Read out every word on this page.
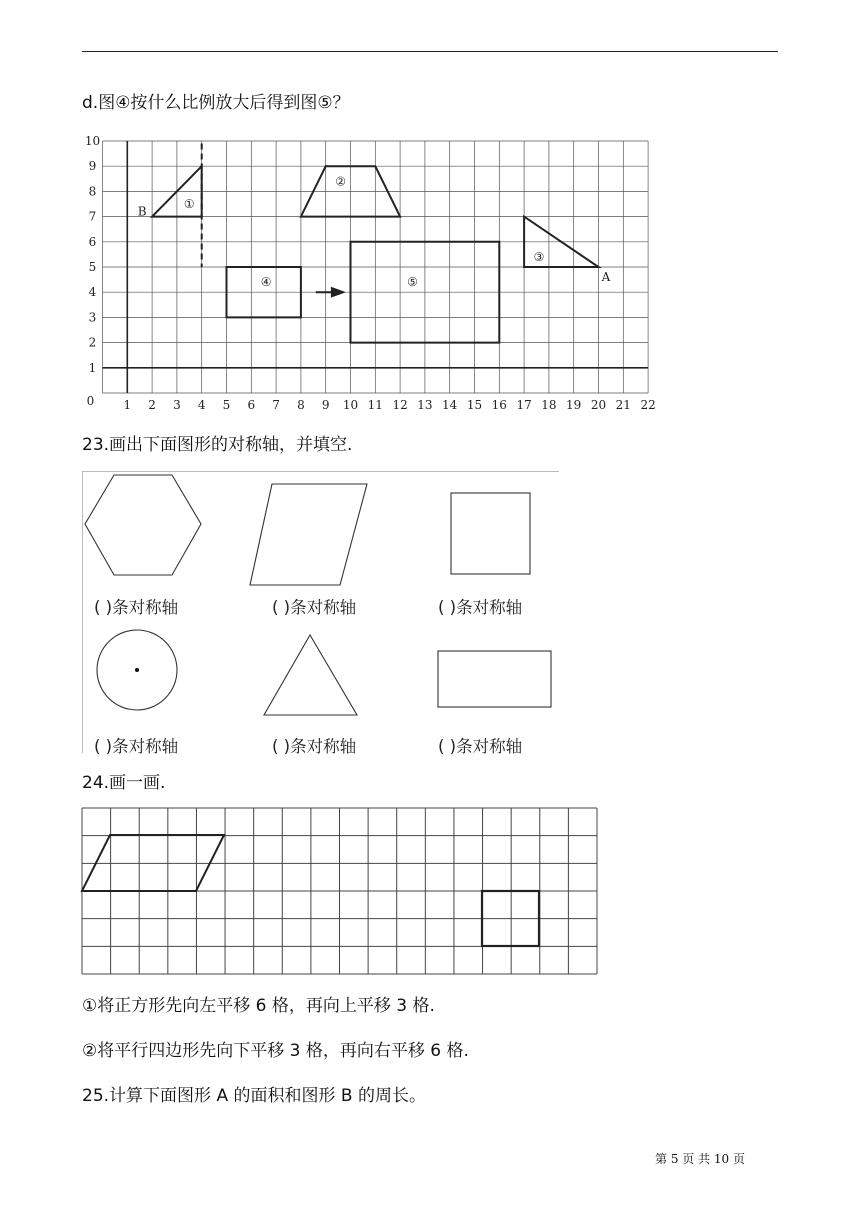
d.图④按什么比例放大后得到图⑤？
0 1 2 3 4 5 6 7 8 9 10 11 12 13 14 15 16 17 18 19 20 21 22
1
2
3
4
5
6
7
8
9
10
①
②
③
④	⑤
B
A
23.画出下面图形的对称轴，并填空.
( )条对称轴	( )条对称轴	( )条对称轴
( )条对称轴	( )条对称轴	( )条对称轴
24.画一画.
①将正方形先向左平移 6 格，再向上平移 3 格.
②将平行四边形先向下平移 3 格，再向右平移 6 格.
25.计算下面图形 A 的面积和图形 B 的周长。
第 5 页 共 10 页
